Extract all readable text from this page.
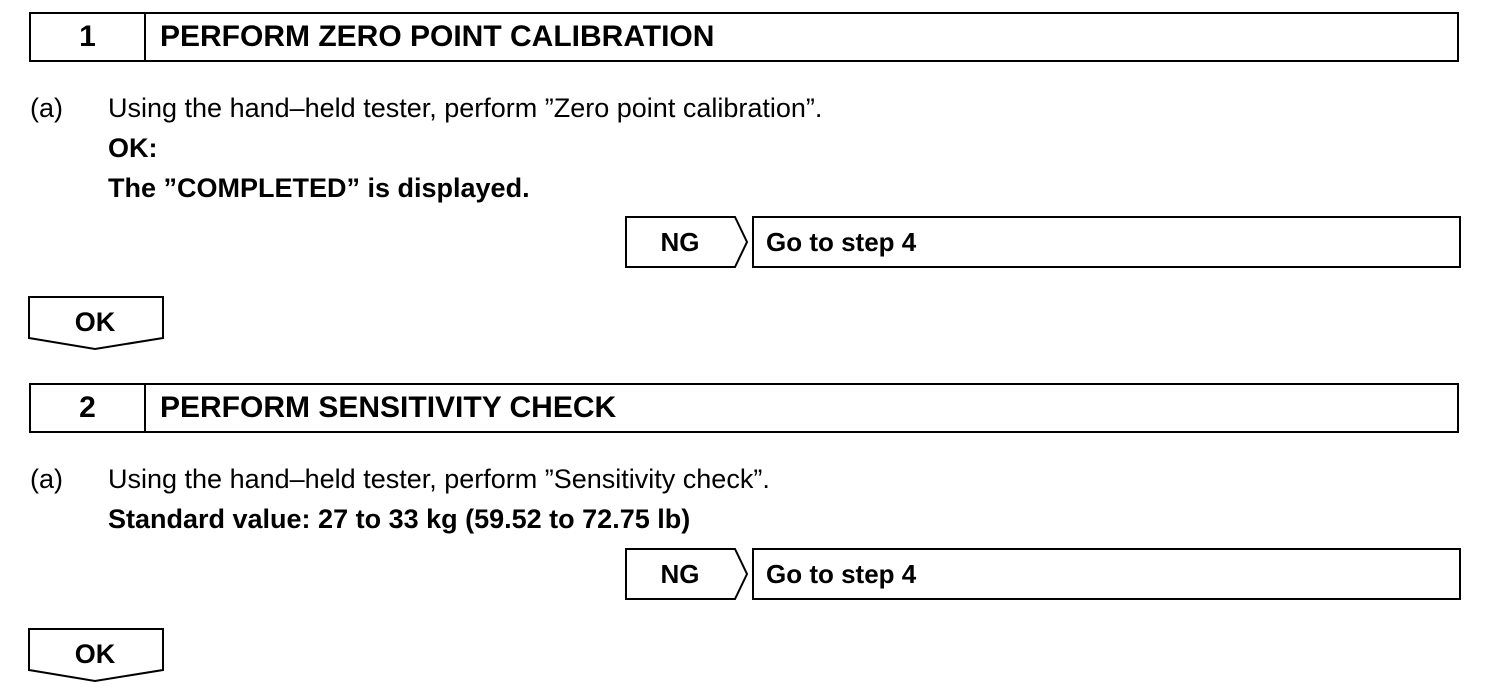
1	PERFORM ZERO POINT CALIBRATION
(a) Using the hand–held tester, perform ”Zero point calibration”.
OK:
The ”COMPLETED” is displayed.
NG	Go to step 4
OK
2	PERFORM SENSITIVITY CHECK
(a) Using the hand–held tester, perform ”Sensitivity check”.
Standard value: 27 to 33 kg (59.52 to 72.75 lb)
NG	Go to step 4
OK
